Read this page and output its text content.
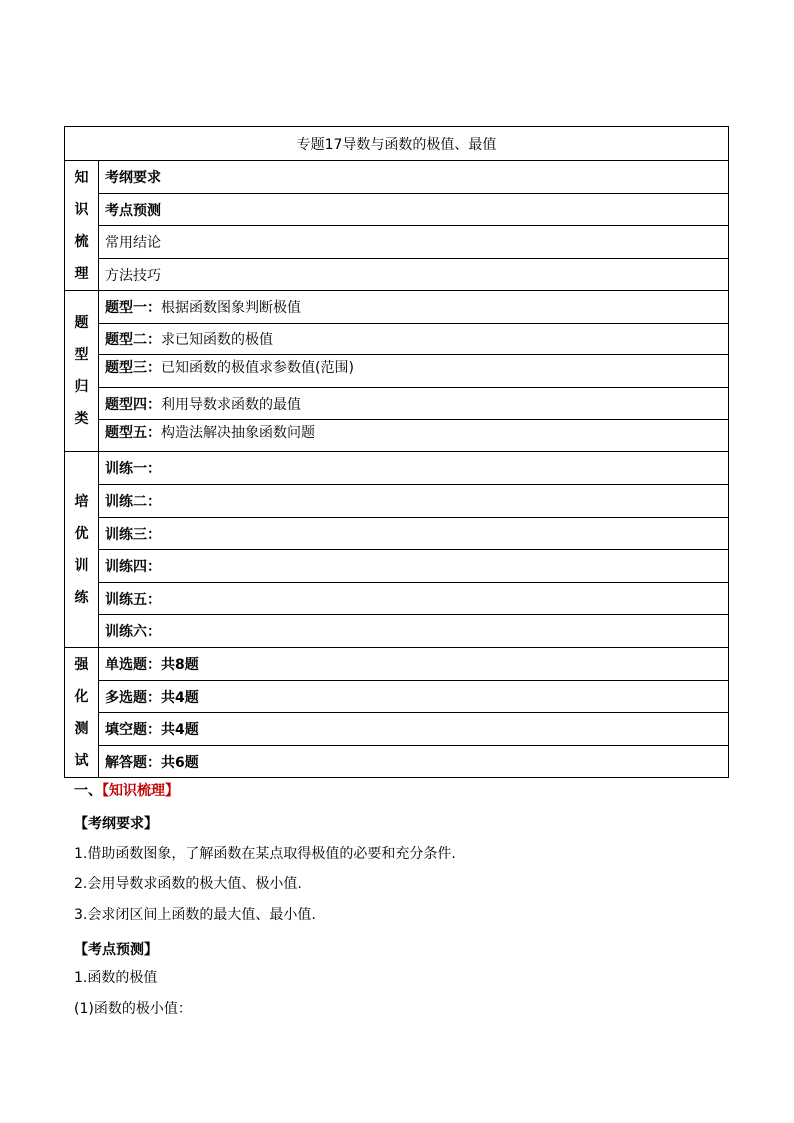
专题17导数与函数的极值、最值	

知
识
梳
理	考纲要求
	考点预测
	常用结论
	方法技巧

题
型
归
类	题型一：根据函数图象判断极值
	题型二：求已知函数的极值
	题型三：已知函数的极值求参数值(范围)
	题型四：利用导数求函数的最值
	题型五：构造法解决抽象函数问题

培
优
训
练	训练一：
	训练二：
	训练三：
	训练四：
	训练五：
	训练六：

强
化
测
试	单选题：共8题
	多选题：共4题
	填空题：共4题
	解答题：共6题
一、【知识梳理】
【考纲要求】
1.借助函数图象，了解函数在某点取得极值的必要和充分条件.
2.会用导数求函数的极大值、极小值.
3.会求闭区间上函数的最大值、最小值.
【考点预测】
1.函数的极值
(1)函数的极小值：
